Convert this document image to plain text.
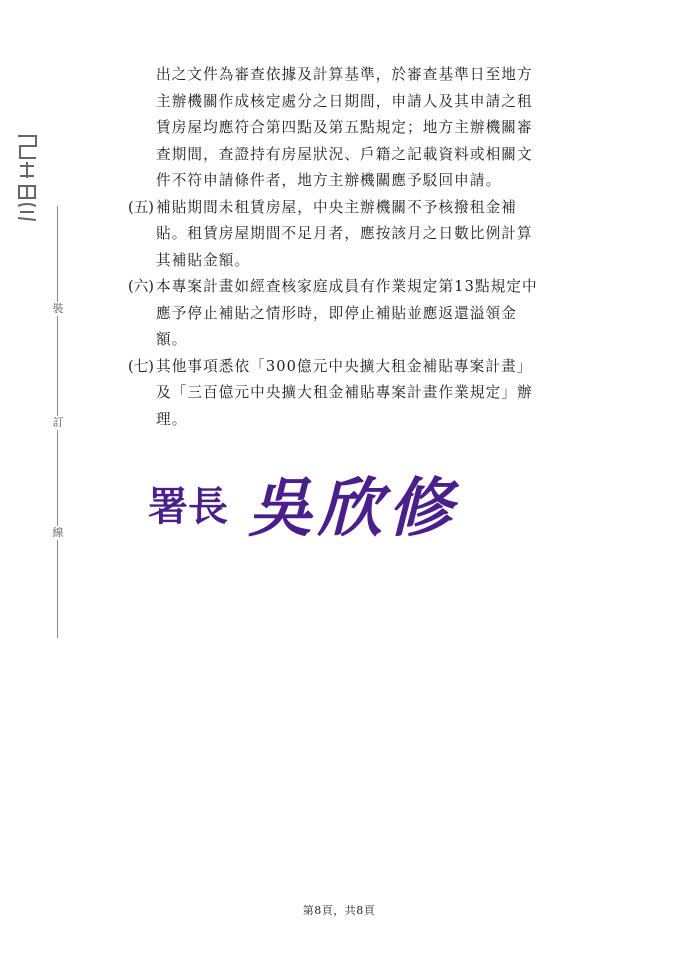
裝
訂
線
出之文件為審查依據及計算基準，於審查基準日至地方
主辦機關作成核定處分之日期間，申請人及其申請之租
賃房屋均應符合第四點及第五點規定；地方主辦機關審
查期間，查證持有房屋狀況、戶籍之記載資料或相關文
件不符申請條件者，地方主辦機關應予駁回申請。
(五) 補貼期間未租賃房屋，中央主辦機關不予核撥租金補
貼。租賃房屋期間不足月者，應按該月之日數比例計算
其補貼金額。
(六) 本專案計畫如經查核家庭成員有作業規定第13點規定中
應予停止補貼之情形時，即停止補貼並應返還溢領金
額。
(七) 其他事項悉依「300億元中央擴大租金補貼專案計畫」
及「三百億元中央擴大租金補貼專案計畫作業規定」辦
理。
署長 吳欣修
第8頁，共8頁
